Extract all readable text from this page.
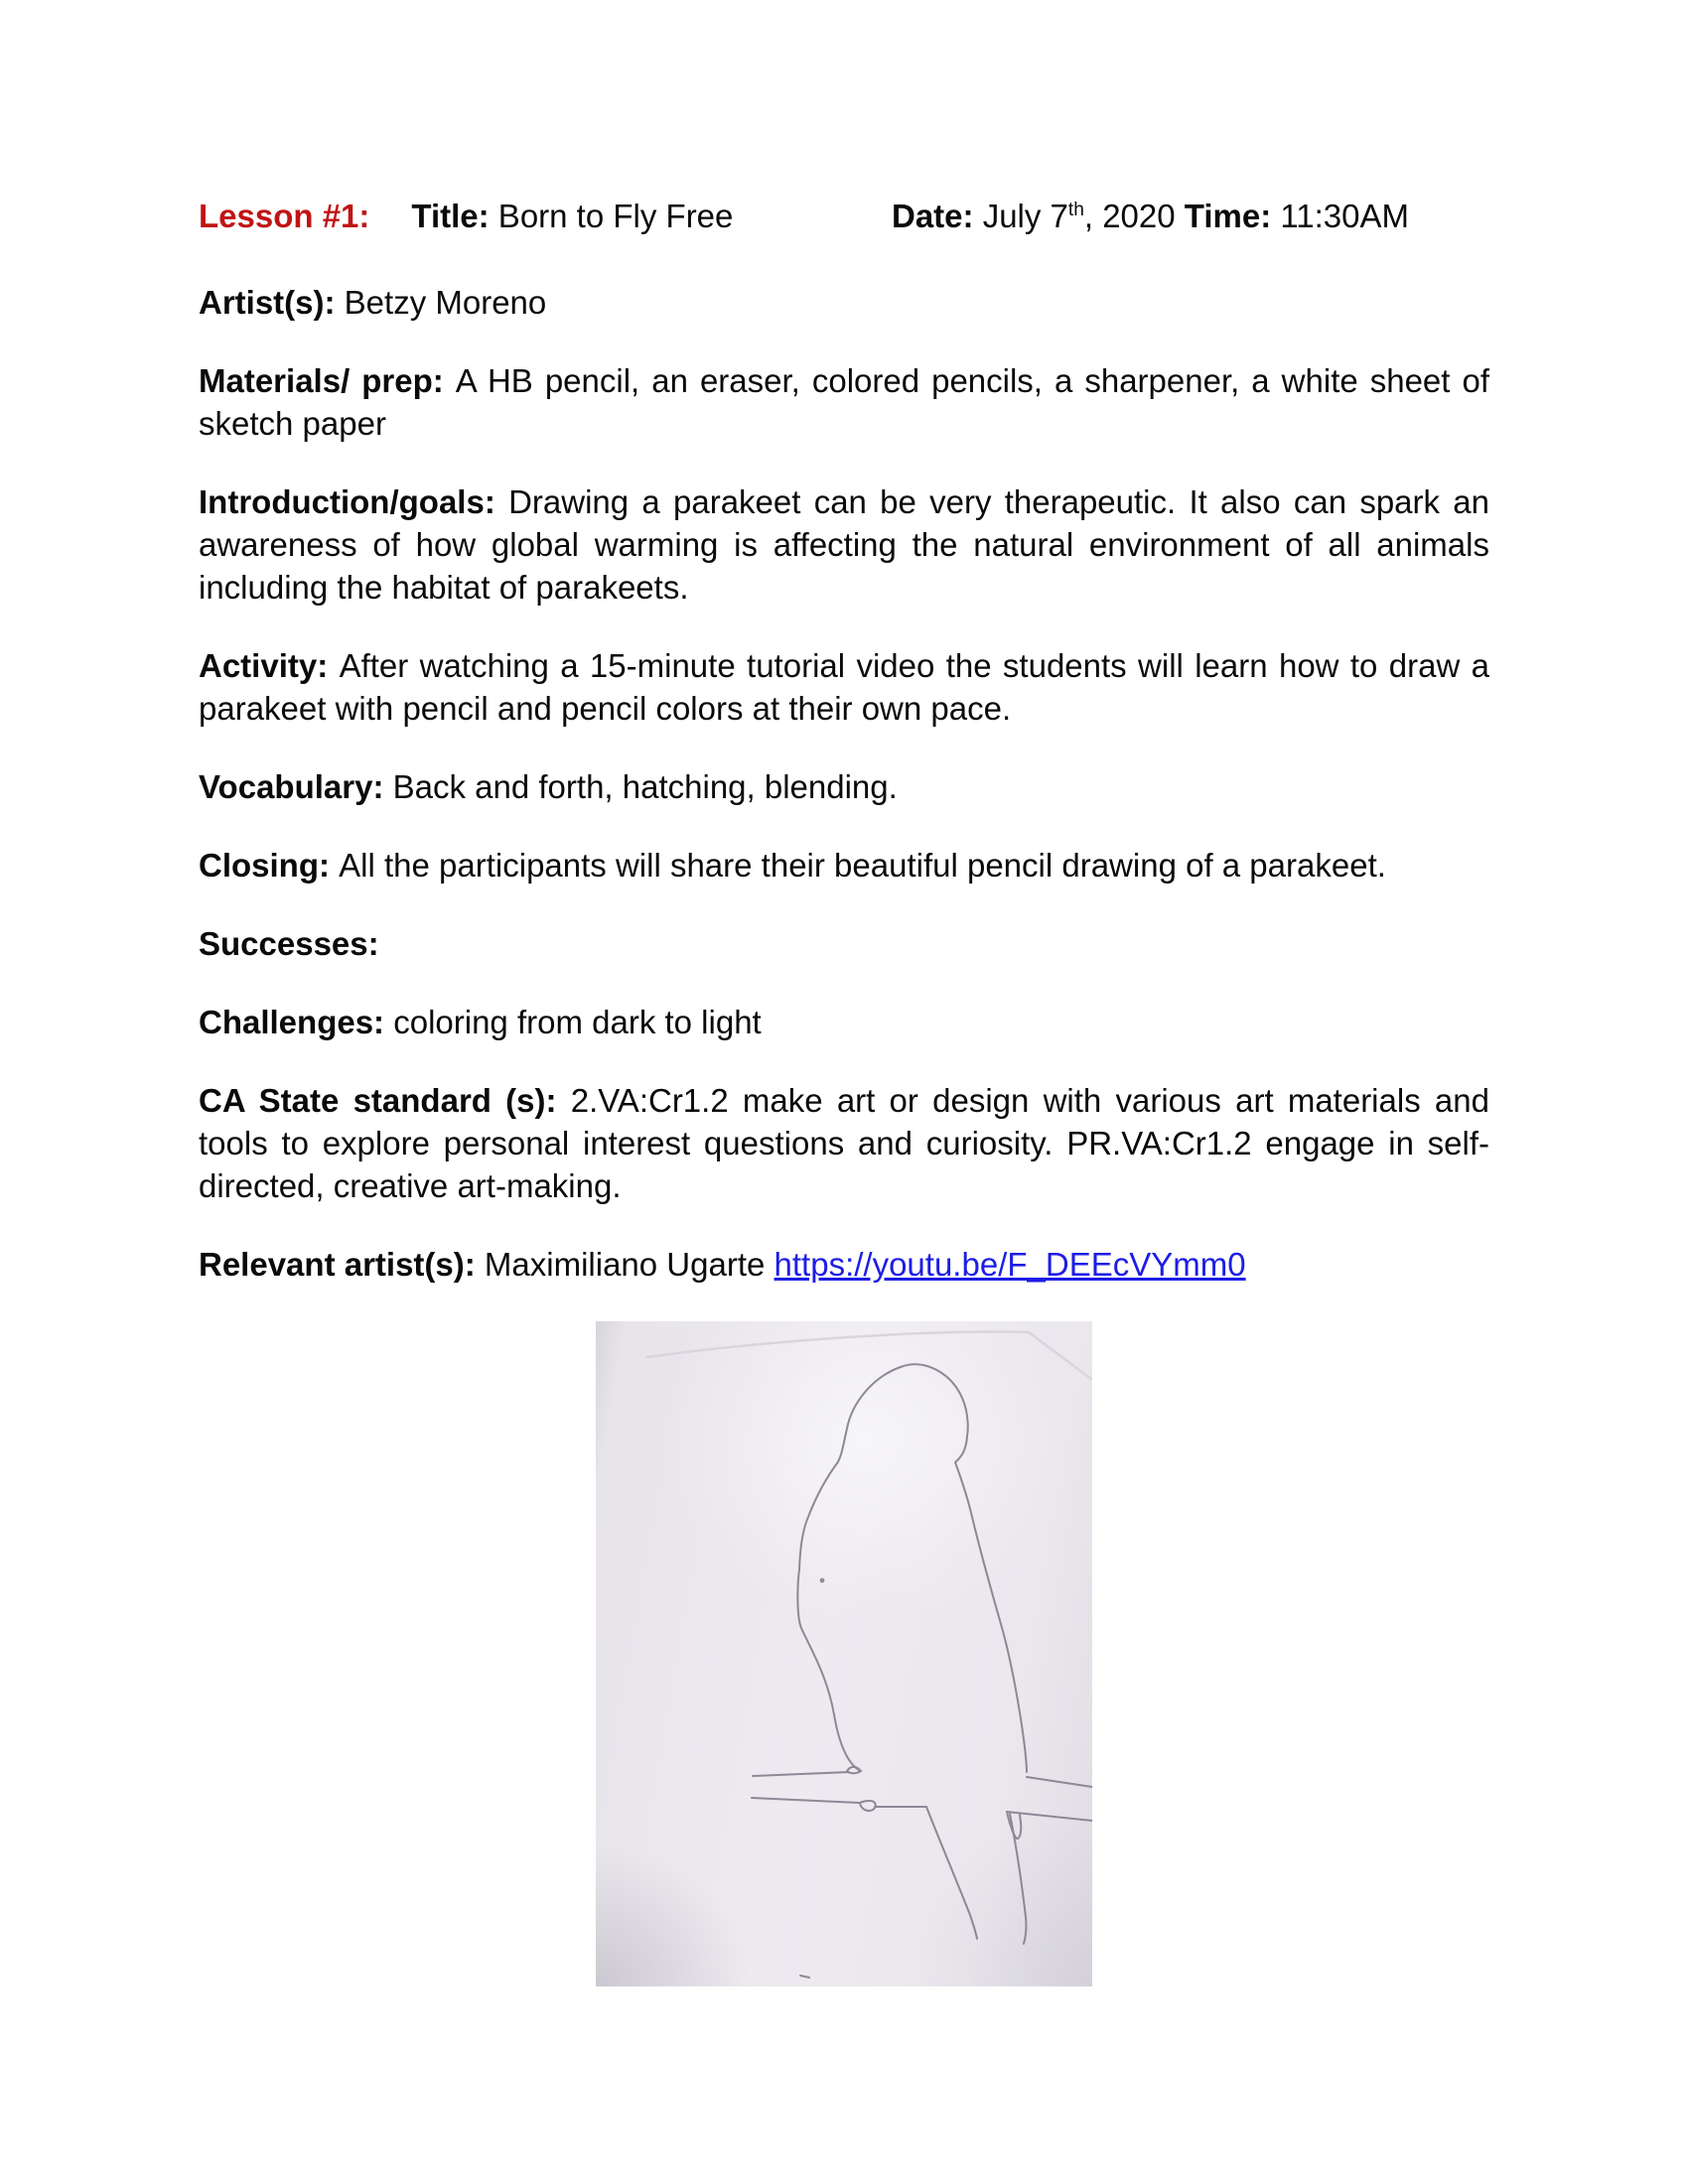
Lesson #1: Title: Born to Fly Free	Date: July 7th, 2020 Time: 11:30AM

Artist(s): Betzy Moreno

Materials/ prep: A HB pencil, an eraser, colored pencils, a sharpener, a white sheet of sketch paper

Introduction/goals: Drawing a parakeet can be very therapeutic. It also can spark an awareness of how global warming is affecting the natural environment of all animals including the habitat of parakeets.

Activity: After watching a 15-minute tutorial video the students will learn how to draw a parakeet with pencil and pencil colors at their own pace.

Vocabulary: Back and forth, hatching, blending.

Closing: All the participants will share their beautiful pencil drawing of a parakeet.

Successes:

Challenges: coloring from dark to light

CA State standard (s): 2.VA:Cr1.2 make art or design with various art materials and tools to explore personal interest questions and curiosity. PR.VA:Cr1.2 engage in self-directed, creative art-making.

Relevant artist(s): Maximiliano Ugarte https://youtu.be/F_DEEcVYmm0
